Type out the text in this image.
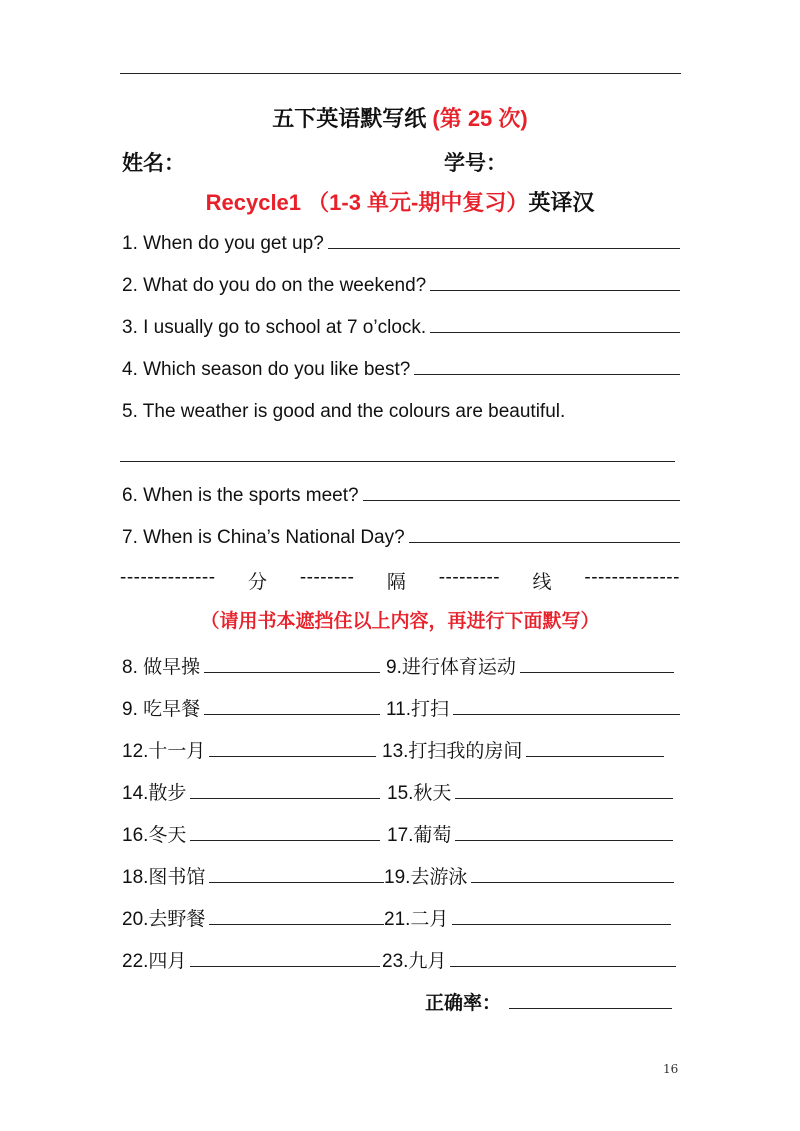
五下英语默写纸 (第 25 次)
姓名：	学号：
Recycle1 （1-3 单元-期中复习）英译汉
1. When do you get up?
2. What do you do on the weekend?
3. I usually go to school at 7 o’clock.
4. Which season do you like best?
5. The weather is good and the colours are beautiful.
6. When is the sports meet?
7. When is China’s National Day?
-------------- 分 -------- 隔 --------- 线 --------------
（请用书本遮挡住以上内容，再进行下面默写）
8. 做早操	9.进行体育运动
9. 吃早餐	11.打扫
12.十一月	13.打扫我的房间
14.散步	15.秋天
16.冬天	17.葡萄
18.图书馆	19.去游泳
20.去野餐	21.二月
22.四月	23.九月
正确率：
16
